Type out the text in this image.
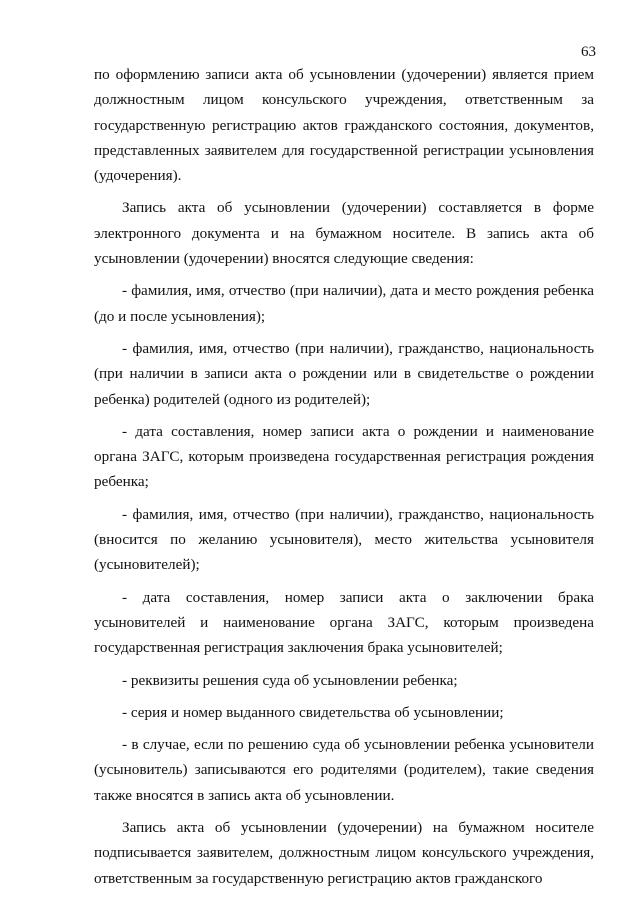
63

по оформлению записи акта об усыновлении (удочерении) является прием должностным лицом консульского учреждения, ответственным за государственную регистрацию актов гражданского состояния, документов, представленных заявителем для государственной регистрации усыновления (удочерения).

Запись акта об усыновлении (удочерении) составляется в форме электронного документа и на бумажном носителе. В запись акта об усыновлении (удочерении) вносятся следующие сведения:

- фамилия, имя, отчество (при наличии), дата и место рождения ребенка (до и после усыновления);

- фамилия, имя, отчество (при наличии), гражданство, национальность (при наличии в записи акта о рождении или в свидетельстве о рождении ребенка) родителей (одного из родителей);

- дата составления, номер записи акта о рождении и наименование органа ЗАГС, которым произведена государственная регистрация рождения ребенка;

- фамилия, имя, отчество (при наличии), гражданство, национальность (вносится по желанию усыновителя), место жительства усыновителя (усыновителей);

- дата составления, номер записи акта о заключении брака усыновителей и наименование органа ЗАГС, которым произведена государственная регистрация заключения брака усыновителей;

- реквизиты решения суда об усыновлении ребенка;

- серия и номер выданного свидетельства об усыновлении;

- в случае, если по решению суда об усыновлении ребенка усыновители (усыновитель) записываются его родителями (родителем), такие сведения также вносятся в запись акта об усыновлении.

Запись акта об усыновлении (удочерении) на бумажном носителе подписывается заявителем, должностным лицом консульского учреждения, ответственным за государственную регистрацию актов гражданского
